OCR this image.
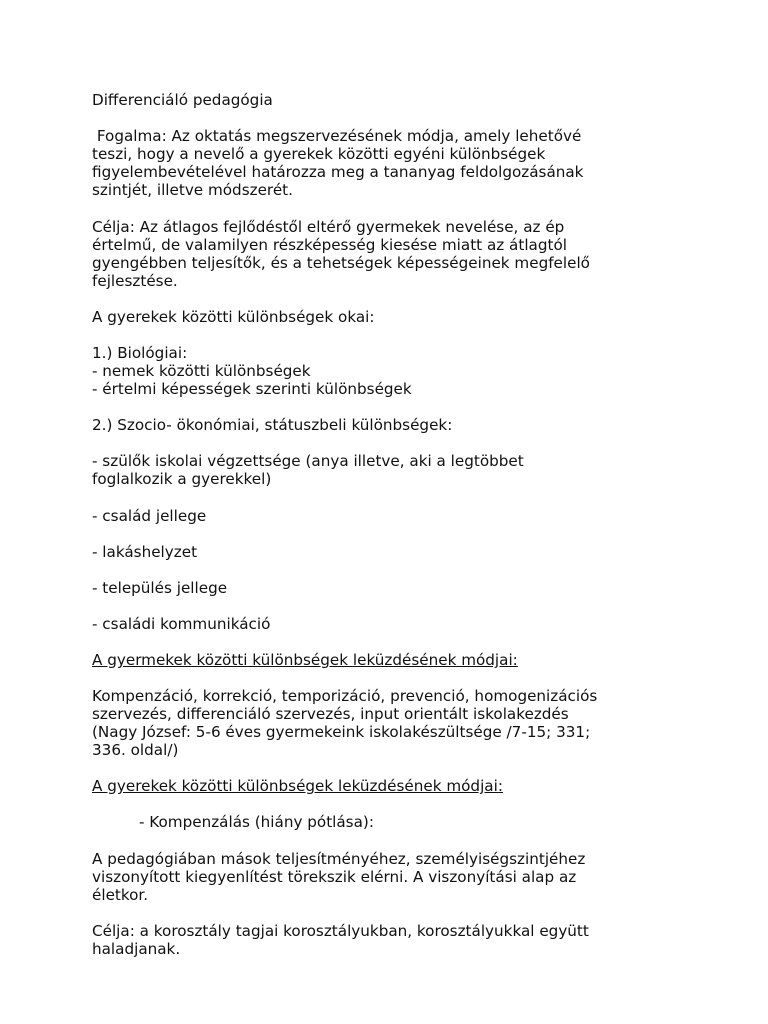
Differenciáló pedagógia

Fogalma: Az oktatás megszervezésének módja, amely lehetővé
teszi, hogy a nevelő a gyerekek közötti egyéni különbségek
figyelembevételével határozza meg a tananyag feldolgozásának
szintjét, illetve módszerét.

Célja: Az átlagos fejlődéstől eltérő gyermekek nevelése, az ép
értelmű, de valamilyen részképesség kiesése miatt az átlagtól
gyengébben teljesítők, és a tehetségek képességeinek megfelelő
fejlesztése.

A gyerekek közötti különbségek okai:

1.) Biológiai:
- nemek közötti különbségek
- értelmi képességek szerinti különbségek

2.) Szocio- ökonómiai, státuszbeli különbségek:

- szülők iskolai végzettsége (anya illetve, aki a legtöbbet
foglalkozik a gyerekkel)

- család jellege

- lakáshelyzet

- település jellege

- családi kommunikáció

A gyermekek közötti különbségek leküzdésének módjai:

Kompenzáció, korrekció, temporizáció, prevenció, homogenizációs
szervezés, differenciáló szervezés, input orientált iskolakezdés
(Nagy József: 5-6 éves gyermekeink iskolakészültsége /7-15; 331;
336. oldal/)

A gyerekek közötti különbségek leküzdésének módjai:

- Kompenzálás (hiány pótlása):

A pedagógiában mások teljesítményéhez, személyiségszintjéhez
viszonyított kiegyenlítést törekszik elérni. A viszonyítási alap az
életkor.

Célja: a korosztály tagjai korosztályukban, korosztályukkal együtt
haladjanak.
